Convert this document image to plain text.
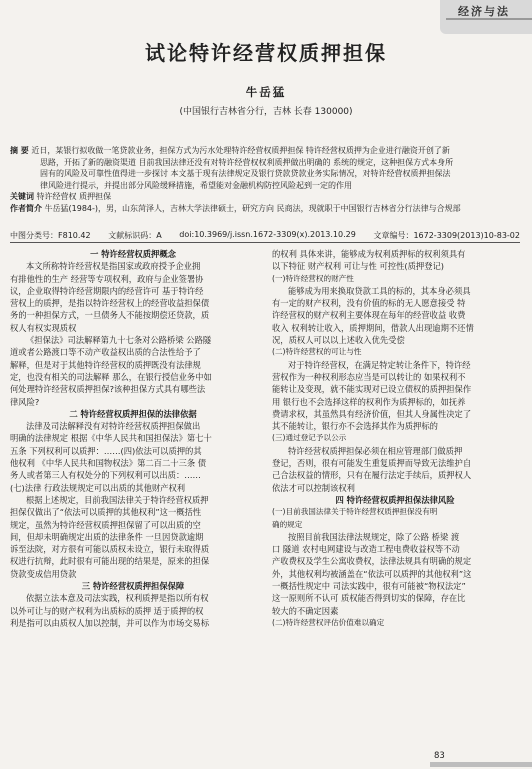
经济与法
试论特许经营权质押担保
牛岳猛
(中国银行吉林省分行，吉林 长春 130000)
摘 要 近日，某银行拟收做一笔贷款业务，担保方式为污水处理特许经营权质押担保 特许经营权质押为企业进行融资开创了新
思路，开拓了新的融资渠道 目前我国法律还没有对特许经营权权利质押做出明确的 系统的规定，这种担保方式本身所
固有的风险及可靠性值得进一步探讨 本文基于现有法律规定及银行贷款贷款业务实际情况，对特许经营权质押担保法
律风险进行提示，并提出部分风险缓释措施，希望能对金融机构防控风险起到一定的作用
关键词 特许经营权 质押担保
作者简介 牛岳猛(1984-)，男，山东菏泽人，吉林大学法律硕士，研究方向 民商法，现就职于中国银行吉林省分行法律与合规部
中图分类号：F810.42 文献标识码：A doi:10.3969/j.issn.1672-3309(x).2013.10.29 文章编号：1672-3309(2013)10-83-02
一 特许经营权质押概念
本文所称特许经营权是指国家或政府授予企业拥
有排他性的生产 经营等专项权利，政府与企业签署协
议，企业取得特许经营期限内的经营许可 基于特许经
营权上的质押，是指以特许经营权上的经营收益担保债
务的一种担保方式，一旦债务人不能按期偿还贷款，质
权人有权实现质权
《担保法》司法解释第九十七条对公路桥梁 公路隧
道或者公路渡口等不动产收益权出质的合法性给予了
解释，但是对于其他特许经营权的质押既没有法律规
定，也没有相关的司法解释 那么，在银行授信业务中如
何处理特许经营权质押担保?该种担保方式具有哪些法
律风险?
二 特许经营权质押担保的法律依据
法律及司法解释没有对特许经营权质押担保做出
明确的法律规定 根据《中华人民共和国担保法》第七十
五条 下列权利可以质押：……(四)依法可以质押的其
他权利 《中华人民共和国物权法》第二百二十三条 债
务人或者第三人有权处分的下列权利可以出质：……
(七)法律 行政法规规定可以出质的其他财产权利
根据上述规定，目前我国法律关于特许经营权质押
担保仅做出了“依法可以质押的其他权利”这一概括性
规定，虽然为特许经营权质押担保留了可以出质的空
间，但却未明确规定出质的法律条件 一旦因贷款逾期
诉至法院，对方很有可能以质权未设立，银行未取得质
权进行抗辩，此时很有可能出现的结果是，原来的担保
贷款变成信用贷款
三 特许经营权质押担保保障
依据立法本意及司法实践，权利质押是指以所有权
以外可让与的财产权利为出质标的质押 适于质押的权
利是指可以由质权人加以控制，并可以作为市场交易标
的权利 具体来讲，能够成为权利质押标的权利须具有
以下特征 财产权利 可让与性 可控性(质押登记)
(一)特许经营权的财产性
能够成为用来换取贷款工具的标的，其本身必须具
有一定的财产权利，没有价值的标的无人愿意接受 特
许经营权的财产权利主要体现在每年的经营收益 收费
收入 权利转让收入，质押期间，借款人出现逾期不还情
况，质权人可以以上述收入优先受偿
(二)特许经营权的可让与性
对于特许经营权，在满足特定转让条件下，特许经
营权作为一种权利形态应当是可以转让的 如果权利不
能转让及变现，就不能实现对已设立债权的质押担保作
用 银行也不会选择这样的权利作为质押标的，如抚养
费请求权，其虽然具有经济价值，但其人身属性决定了
其不能转让，银行亦不会选择其作为质押标的
(三)通过登记予以公示
特许经营权质押担保必须在相应管理部门做质押
登记，否则，很有可能发生重复质押而导致无法维护自
己合法权益的情形，只有在履行法定手续后，质押权人
依法才可以控制该权利
四 特许经营权质押担保法律风险
(一)目前我国法律关于特许经营权质押担保没有明
确的规定
按照目前我国法律法规规定，除了公路 桥梁 渡
口 隧道 农村电网建设与改造工程电费收益权等不动
产收费权及学生公寓收费权，法律法规具有明确的规定
外，其他权利均被涵盖在“依法可以质押的其他权利”这
一概括性规定中 司法实践中，很有可能被“物权法定”
这一原则所不认可 质权能否得到切实的保障，存在比
较大的不确定因素
(二)特许经营权评估价值难以确定
83
